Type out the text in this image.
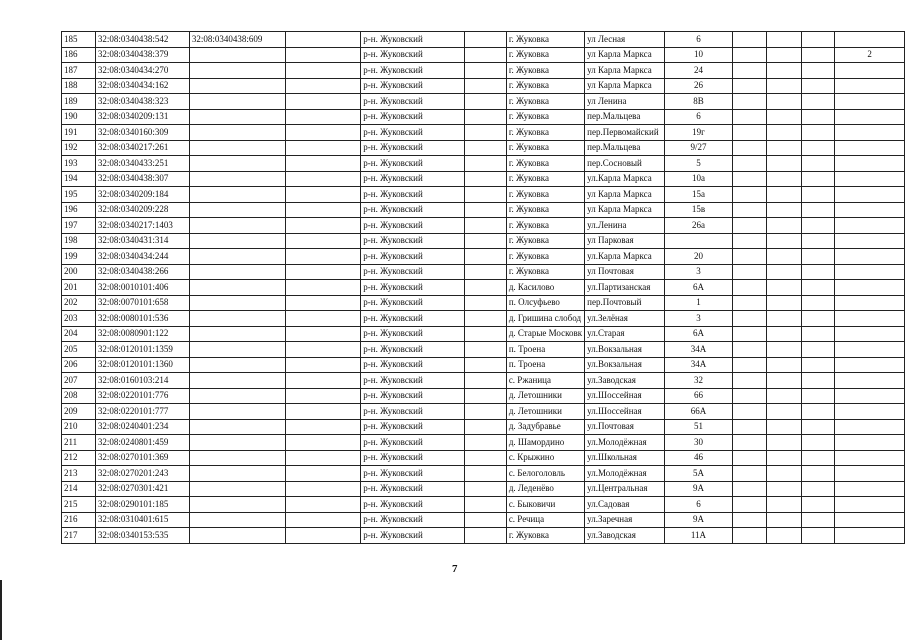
185	32:08:0340438:542	32:08:0340438:609		р-н. Жуковский		г. Жуковка	ул Лесная	6				
186	32:08:0340438:379			р-н. Жуковский		г. Жуковка	ул Карла Маркса	10				2
187	32:08:0340434:270			р-н. Жуковский		г. Жуковка	ул Карла Маркса	24				
188	32:08:0340434:162			р-н. Жуковский		г. Жуковка	ул Карла Маркса	26				
189	32:08:0340438:323			р-н. Жуковский		г. Жуковка	ул Ленина	8В				
190	32:08:0340209:131			р-н. Жуковский		г. Жуковка	пер.Мальцева	6				
191	32:08:0340160:309			р-н. Жуковский		г. Жуковка	пер.Первомайский	19г				
192	32:08:0340217:261			р-н. Жуковский		г. Жуковка	пер.Мальцева	9/27				
193	32:08:0340433:251			р-н. Жуковский		г. Жуковка	пер.Сосновый	5				
194	32:08:0340438:307			р-н. Жуковский		г. Жуковка	ул.Карла Маркса	10а				
195	32:08:0340209:184			р-н. Жуковский		г. Жуковка	ул Карла Маркса	15а				
196	32:08:0340209:228			р-н. Жуковский		г. Жуковка	ул Карла Маркса	15в				
197	32:08:0340217:1403			р-н. Жуковский		г. Жуковка	ул.Ленина	26а				
198	32:08:0340431:314			р-н. Жуковский		г. Жуковка	ул Парковая					
199	32:08:0340434:244			р-н. Жуковский		г. Жуковка	ул.Карла Маркса	20				
200	32:08:0340438:266			р-н. Жуковский		г. Жуковка	ул Почтовая	3				
201	32:08:0010101:406			р-н. Жуковский		д. Касилово	ул.Партизанская	6А				
202	32:08:0070101:658			р-н. Жуковский		п. Олсуфьево	пер.Почтовый	1				
203	32:08:0080101:536			р-н. Жуковский		д. Гришина слобод	ул.Зелёная	3				
204	32:08:0080901:122			р-н. Жуковский		д. Старые Московк	ул.Старая	6А				
205	32:08:0120101:1359			р-н. Жуковский		п. Троена	ул.Вокзальная	34А				
206	32:08:0120101:1360			р-н. Жуковский		п. Троена	ул.Вокзальная	34А				
207	32:08:0160103:214			р-н. Жуковский		с. Ржаница	ул.Заводская	32				
208	32:08:0220101:776			р-н. Жуковский		д. Летошники	ул.Шоссейная	66				
209	32:08:0220101:777			р-н. Жуковский		д. Летошники	ул.Шоссейная	66А				
210	32:08:0240401:234			р-н. Жуковский		д. Задубравье	ул.Почтовая	51				
211	32:08:0240801:459			р-н. Жуковский		д. Шамордино	ул.Молодёжная	30				
212	32:08:0270101:369			р-н. Жуковский		с. Крыжино	ул.Школьная	46				
213	32:08:0270201:243			р-н. Жуковский		с. Белоголовль	ул.Молодёжная	5А				
214	32:08:0270301:421			р-н. Жуковский		д. Леденёво	ул.Центральная	9А				
215	32:08:0290101:185			р-н. Жуковский		с. Быковичи	ул.Садовая	6				
216	32:08:0310401:615			р-н. Жуковский		с. Речица	ул.Заречная	9А				
217	32:08:0340153:535			р-н. Жуковский		г. Жуковка	ул.Заводская	11А				
7
